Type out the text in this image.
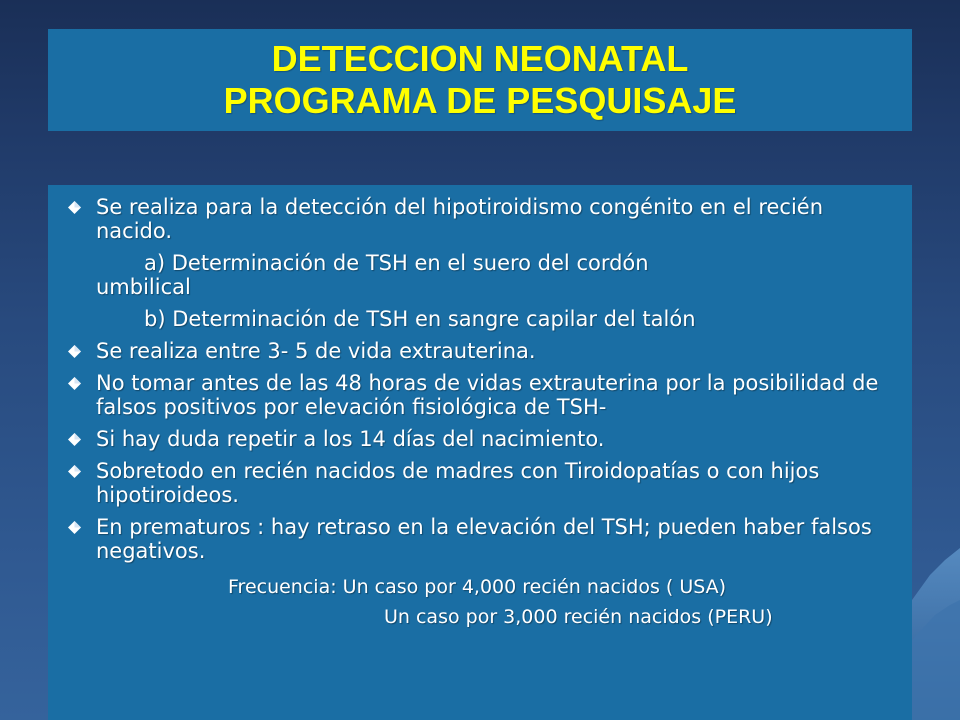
DETECCION NEONATAL
PROGRAMA DE PESQUISAJE
Se realiza para la detección del hipotiroidismo congénito en el recién nacido.
a) Determinación de TSH en el suero del cordón
umbilical
b) Determinación de TSH en sangre capilar del talón
Se realiza entre 3- 5 de vida extrauterina.
No tomar antes de las 48 horas de vidas extrauterina por la posibilidad de falsos positivos por elevación fisiológica de TSH-
Si hay duda repetir a los 14 días del nacimiento.
Sobretodo en recién nacidos de madres con Tiroidopatías o con hijos hipotiroideos.
En prematuros : hay retraso en la elevación del TSH; pueden haber falsos negativos.

Frecuencia: Un caso por 4,000 recién nacidos ( USA)

Un caso por 3,000 recién nacidos (PERU)
